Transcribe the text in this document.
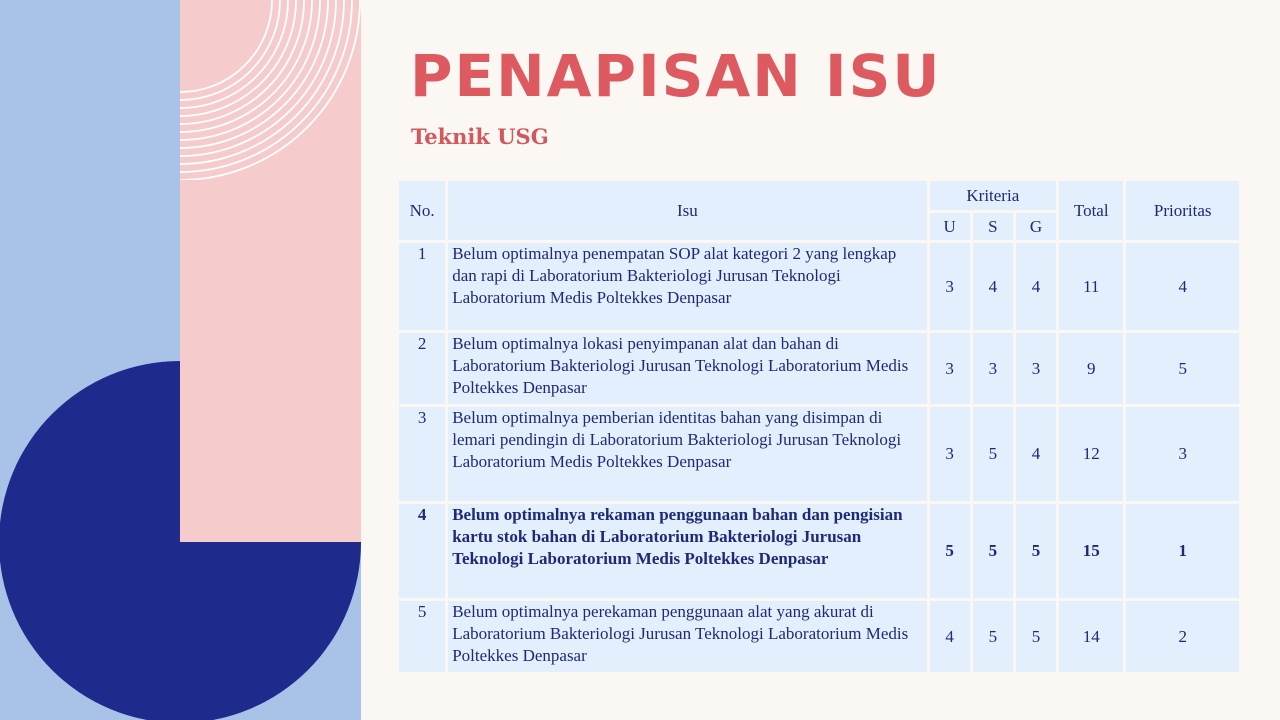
PENAPISAN ISU
Teknik USG
No.	Isu	Kriteria			Total	Prioritas
		U	S	G		
1	Belum optimalnya penempatan SOP alat kategori 2 yang lengkap dan rapi di Laboratorium Bakteriologi Jurusan Teknologi Laboratorium Medis Poltekkes Denpasar	3	4	4	11	4
2	Belum optimalnya lokasi penyimpanan alat dan bahan di Laboratorium Bakteriologi Jurusan Teknologi Laboratorium Medis Poltekkes Denpasar	3	3	3	9	5
3	Belum optimalnya pemberian identitas bahan yang disimpan di lemari pendingin di Laboratorium Bakteriologi Jurusan Teknologi Laboratorium Medis Poltekkes Denpasar	3	5	4	12	3
4	Belum optimalnya rekaman penggunaan bahan dan pengisian kartu stok bahan di Laboratorium Bakteriologi Jurusan Teknologi Laboratorium Medis Poltekkes Denpasar	5	5	5	15	1
5	Belum optimalnya perekaman penggunaan alat yang akurat di Laboratorium Bakteriologi Jurusan Teknologi Laboratorium Medis Poltekkes Denpasar	4	5	5	14	2
